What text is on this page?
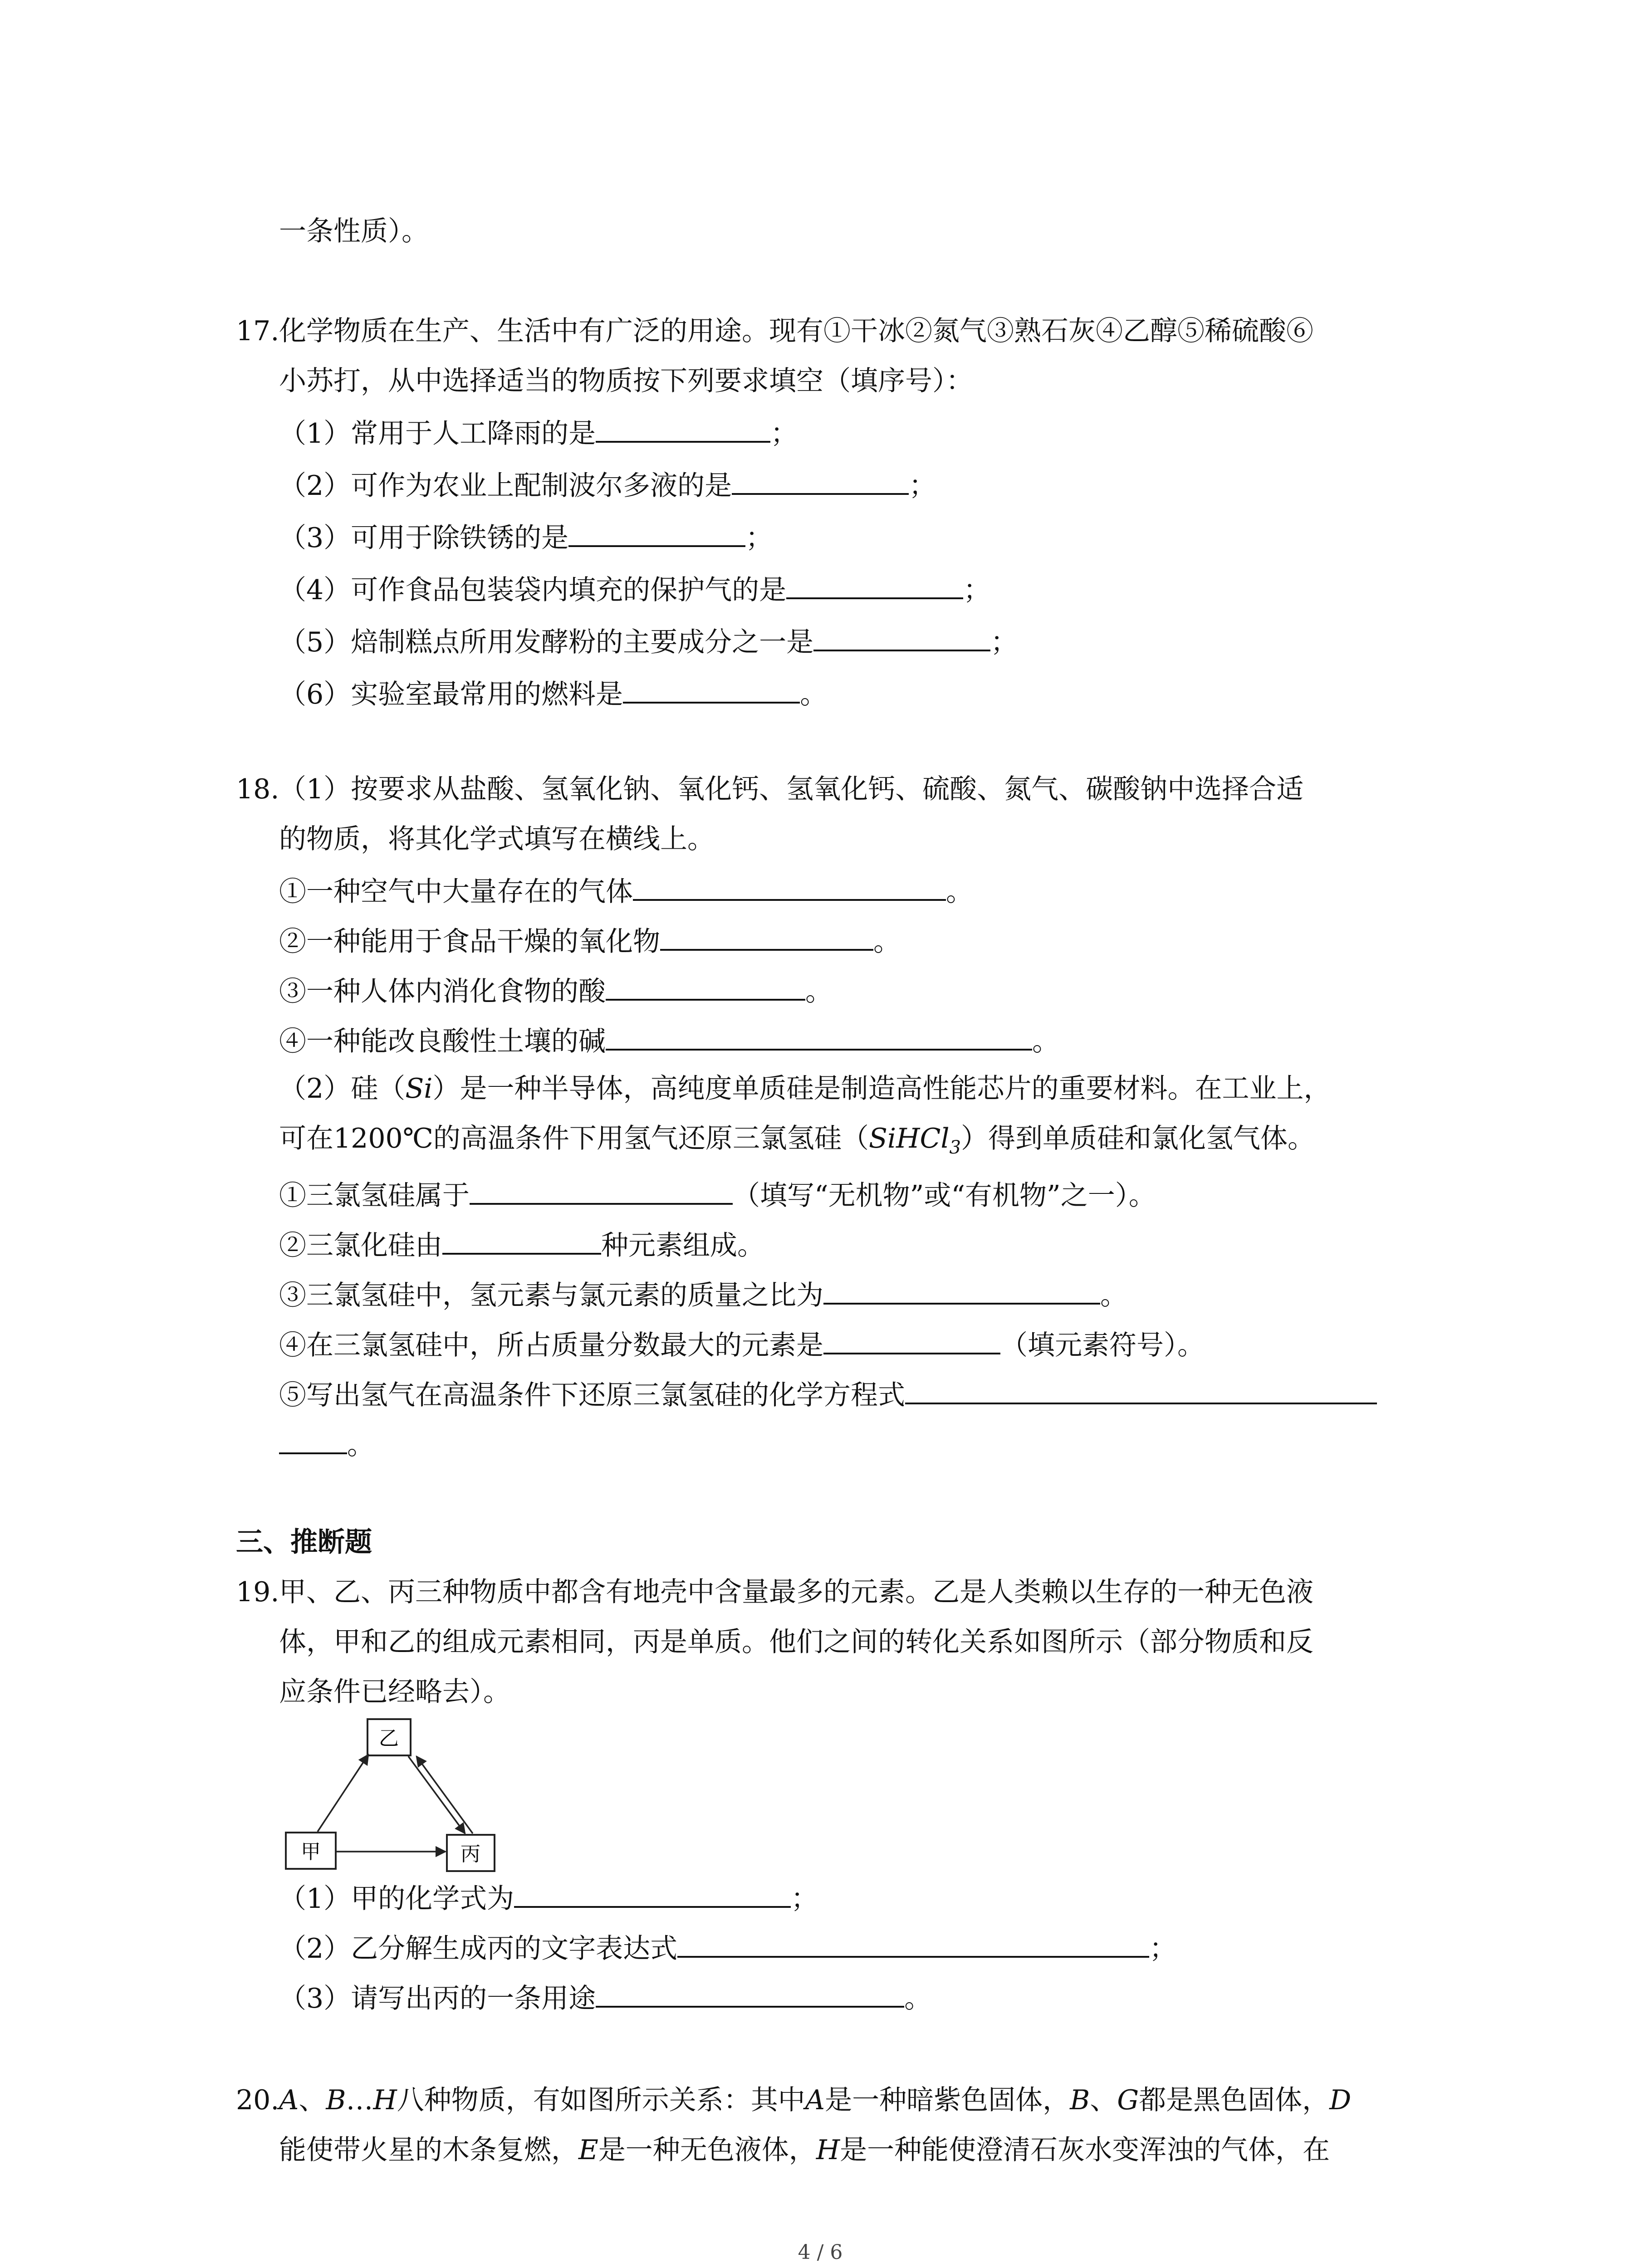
一条性质）。
17. 化学物质在生产、生活中有广泛的用途。现有①干冰②氮气③熟石灰④乙醇⑤稀硫酸⑥
小苏打，从中选择适当的物质按下列要求填空（填序号）：
（1）常用于人工降雨的是	；
（2）可作为农业上配制波尔多液的是	；
（3）可用于除铁锈的是	；
（4）可作食品包装袋内填充的保护气的是	；
（5）焙制糕点所用发酵粉的主要成分之一是	；
（6）实验室最常用的燃料是	。
18. （1）按要求从盐酸、氢氧化钠、氧化钙、氢氧化钙、硫酸、氮气、碳酸钠中选择合适
的物质，将其化学式填写在横线上。
①一种空气中大量存在的气体	。
②一种能用于食品干燥的氧化物	。
③一种人体内消化食物的酸	。
④一种能改良酸性土壤的碱	。
（2）硅（Si）是一种半导体，高纯度单质硅是制造高性能芯片的重要材料。在工业上，
可在1200℃的高温条件下用氢气还原三氯氢硅（SiHCl$_3$）得到单质硅和氯化氢气体。
①三氯氢硅属于	（填写“无机物”或“有机物”之一）。
②三氯化硅由	种元素组成。
③三氯氢硅中，氢元素与氯元素的质量之比为	。
④在三氯氢硅中，所占质量分数最大的元素是	（填元素符号）。
⑤写出氢气在高温条件下还原三氯氢硅的化学方程式
。
三、推断题
19. 甲、乙、丙三种物质中都含有地壳中含量最多的元素。乙是人类赖以生存的一种无色液
体，甲和乙的组成元素相同，丙是单质。他们之间的转化关系如图所示（部分物质和反
应条件已经略去）。
乙
甲	丙
（1）甲的化学式为	；
（2）乙分解生成丙的文字表达式	；
（3）请写出丙的一条用途	。
20. A、B…H八种物质，有如图所示关系：其中A是一种暗紫色固体，B、G都是黑色固体，D
能使带火星的木条复燃，E是一种无色液体，H是一种能使澄清石灰水变浑浊的气体，在
4 / 6
